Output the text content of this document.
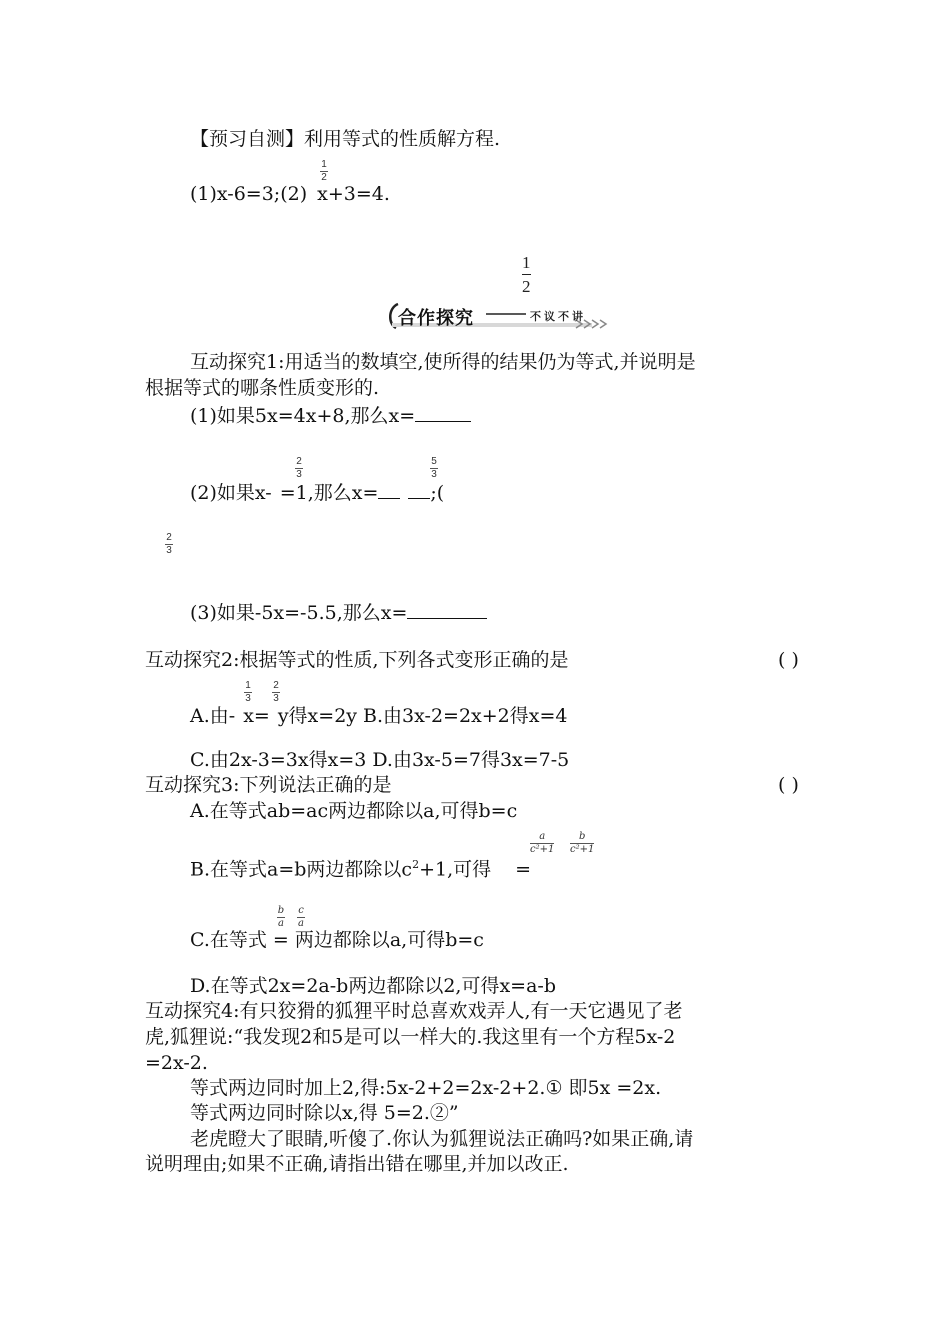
【预习自测】利用等式的性质解方程.
(1)x-6=3;(2) x+3=4.
1
2
1
2
合作探究	不议不讲
互动探究1:用适当的数填空,使所得的结果仍为等式,并说明是
根据等式的哪条性质变形的.
(1)如果5x=4x+8,那么x=
(2)如果x- =1,那么x=	;(
2
3
5
3
2
3
(3)如果-5x=-5.5,那么x=
互动探究2:根据等式的性质,下列各式变形正确的是	( )
A.由- x= y得x=2y B.由3x-2=2x+2得x=4
1
3
2
3
C.由2x-3=3x得x=3 D.由3x-5=7得3x=7-5
互动探究3:下列说法正确的是	( )
A.在等式ab=ac两边都除以a,可得b=c
B.在等式a=b两边都除以$c^2+1$,可得 =
a
c²+1
b
c²+1
C.在等式 = 两边都除以a,可得b=c
b
a
c
a
D.在等式2x=2a-b两边都除以2,可得x=a-b
互动探究4:有只狡猾的狐狸平时总喜欢戏弄人,有一天它遇见了老
虎,狐狸说:“我发现2和5是可以一样大的.我这里有一个方程5x-2
=2x-2.
等式两边同时加上2,得:5x-2+2=2x-2+2.① 即5x =2x.
等式两边同时除以x,得 5=2.②”
老虎瞪大了眼睛,听傻了.你认为狐狸说法正确吗?如果正确,请
说明理由;如果不正确,请指出错在哪里,并加以改正.
